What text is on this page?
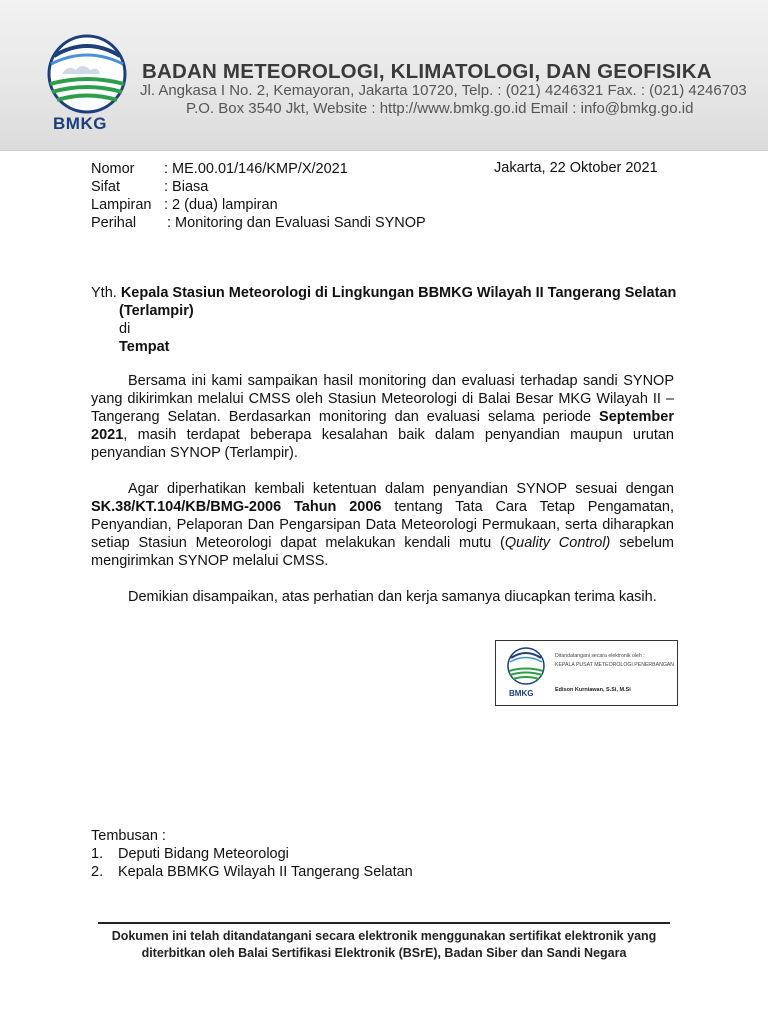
BMKG
BADAN METEOROLOGI, KLIMATOLOGI, DAN GEOFISIKA
Jl. Angkasa I No. 2, Kemayoran, Jakarta 10720, Telp. : (021) 4246321 Fax. : (021) 4246703
P.O. Box 3540 Jkt, Website : http://www.bmkg.go.id Email : info@bmkg.go.id
Nomor : ME.00.01/146/KMP/X/2021
Sifat	: Biasa
Lampiran : 2 (dua) lampiran
Perihal : Monitoring dan Evaluasi Sandi SYNOP
Jakarta, 22 Oktober 2021
Yth. Kepala Stasiun Meteorologi di Lingkungan BBMKG Wilayah II Tangerang Selatan
(Terlampir)
di
Tempat

Bersama ini kami sampaikan hasil monitoring dan evaluasi terhadap sandi SYNOP yang dikirimkan melalui CMSS oleh Stasiun Meteorologi di Balai Besar MKG Wilayah II – Tangerang Selatan. Berdasarkan monitoring dan evaluasi selama periode September 2021, masih terdapat beberapa kesalahan baik dalam penyandian maupun urutan penyandian SYNOP (Terlampir).

Agar diperhatikan kembali ketentuan dalam penyandian SYNOP sesuai dengan SK.38/KT.104/KB/BMG-2006 Tahun 2006 tentang Tata Cara Tetap Pengamatan, Penyandian, Pelaporan Dan Pengarsipan Data Meteorologi Permukaan, serta diharapkan setiap Stasiun Meteorologi dapat melakukan kendali mutu (Quality Control) sebelum mengirimkan SYNOP melalui CMSS.

Demikian disampaikan, atas perhatian dan kerja samanya diucapkan terima kasih.

BMKG
Ditandatangani secara elektronik oleh :
KEPALA PUSAT METEOROLOGI PENERBANGAN
Edison Kurniawan, S.Si, M.Si
Tembusan :
1. Deputi Bidang Meteorologi
2. Kepala BBMKG Wilayah II Tangerang Selatan
Dokumen ini telah ditandatangani secara elektronik menggunakan sertifikat elektronik yang
diterbitkan oleh Balai Sertifikasi Elektronik (BSrE), Badan Siber dan Sandi Negara
